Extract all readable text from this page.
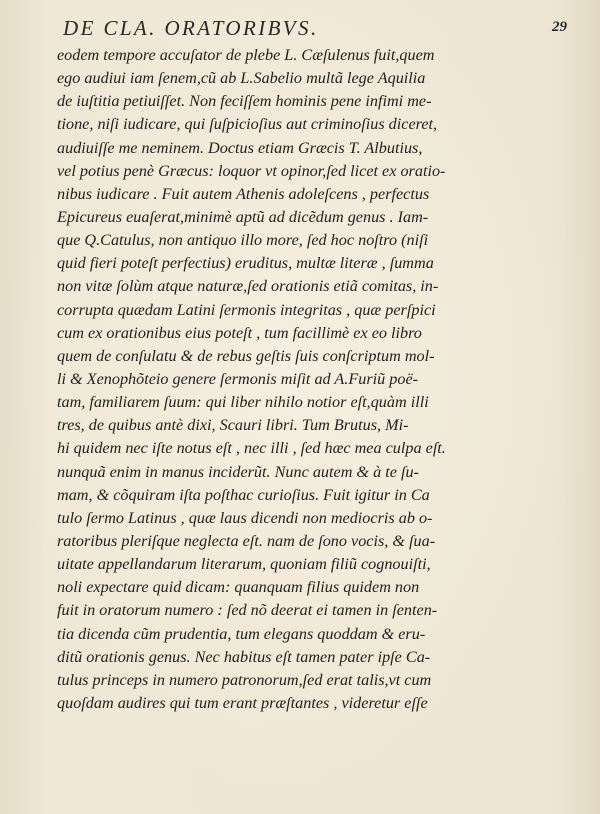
DE CLA. ORATORIBVS.	29
eodem tempore accuſator de plebe L. Cæſulenus fuit,quem
ego audiui iam ſenem,cũ ab L.Sabelio multã lege Aquilia
de iuſtitia petiuiſſet. Non feciſſem hominis pene infimi me-
tione, niſi iudicare, qui ſuſpicioſius aut criminoſius diceret,
audiuiſſe me neminem. Doctus etiam Græcis T. Albutius,
vel potius penè Græcus: loquor vt opinor,ſed licet ex oratio-
nibus iudicare . Fuit autem Athenis adoleſcens , perfectus
Epicureus euaſerat,minimè aptũ ad dicẽdum genus . Iam-
que Q.Catulus, non antiquo illo more, ſed hoc noſtro (niſi
quid fieri poteſt perfectius) eruditus, multæ literæ , ſumma
non vitæ ſolùm atque naturæ,ſed orationis etiã comitas, in-
corrupta quædam Latini ſermonis integritas , quæ perſpici
cum ex orationibus eius poteſt , tum facillimè ex eo libro
quem de conſulatu & de rebus geſtis ſuis conſcriptum mol-
li & Xenophõteio genere ſermonis miſit ad A.Furiũ poë-
tam, familiarem ſuum: qui liber nihilo notior eſt,quàm illi
tres, de quibus antè dixi, Scauri libri. Tum Brutus, Mi-
hi quidem nec iſte notus eſt , nec illi , ſed hæc mea culpa eſt.
nunquã enim in manus inciderũt. Nunc autem & à te ſu-
mam, & cõquiram iſta poſthac curioſius. Fuit igitur in Ca
tulo ſermo Latinus , quæ laus dicendi non mediocris ab o-
ratoribus pleriſque neglecta eſt. nam de ſono vocis, & ſua-
uitate appellandarum literarum, quoniam filiũ cognouiſti,
noli expectare quid dicam: quanquam filius quidem non
fuit in oratorum numero : ſed nõ deerat ei tamen in ſenten-
tia dicenda cũm prudentia, tum elegans quoddam & eru-
ditũ orationis genus. Nec habitus eſt tamen pater ipſe Ca-
tulus princeps in numero patronorum,ſed erat talis,vt cum
quoſdam audires qui tum erant præſtantes , videretur eſſe
